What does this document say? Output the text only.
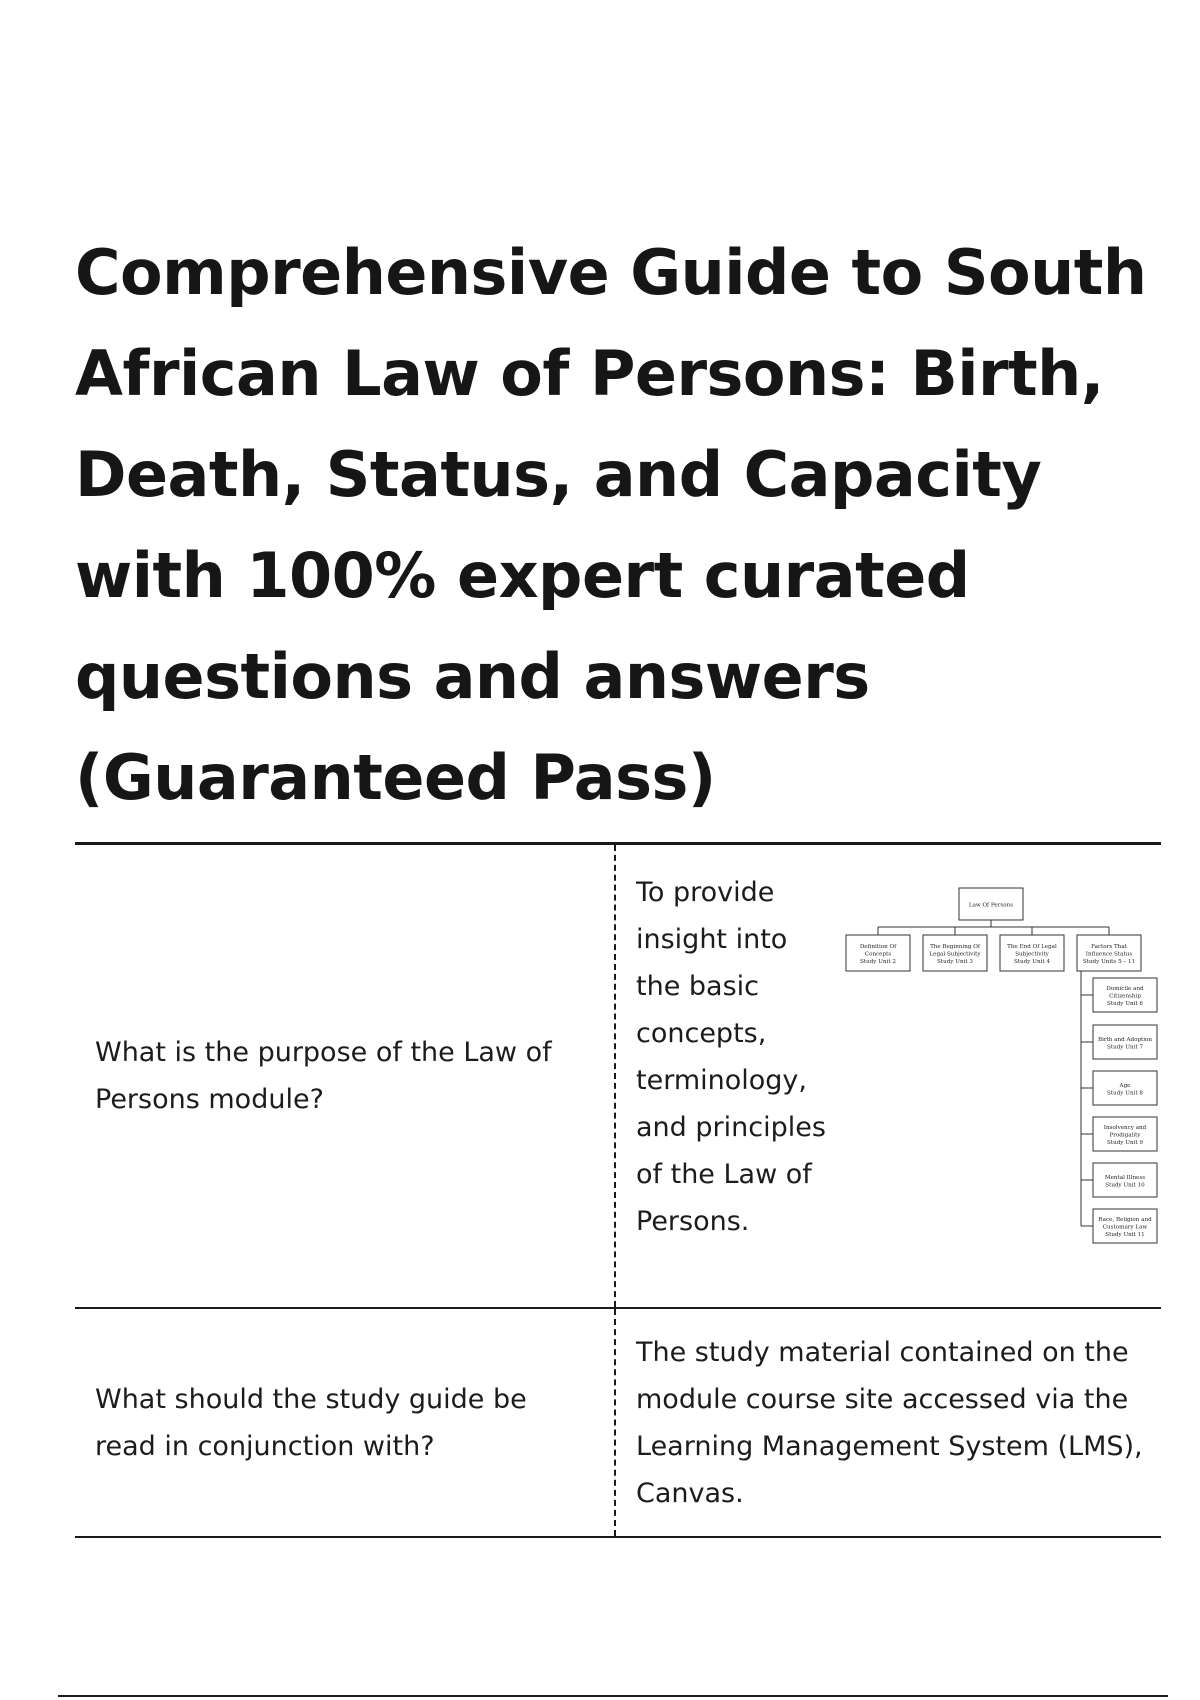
Comprehensive Guide to South African Law of Persons: Birth, Death, Status, and Capacity with 100% expert curated questions and answers (Guaranteed Pass)
What is the purpose of the Law of Persons module?
To provide insight into the basic concepts, terminology, and principles of the Law of Persons.
Law Of Persons
Definition Of
Concepts
Study Unit 2
The Beginning Of
Legal Subjectivity
Study Unit 3
The End Of Legal
Subjectivity
Study Unit 4
Factors That
Influence Status
Study Units 5 – 11
Domicile and
Citizenship
Study Unit 6
Birth and Adoption
Study Unit 7
Age
Study Unit 8
Insolvency and
Prodigality
Study Unit 9
Mental Illness
Study Unit 10
Race, Religion and
Customary Law
Study Unit 11
What should the study guide be read in conjunction with?
The study material contained on the module course site accessed via the Learning Management System (LMS), Canvas.
